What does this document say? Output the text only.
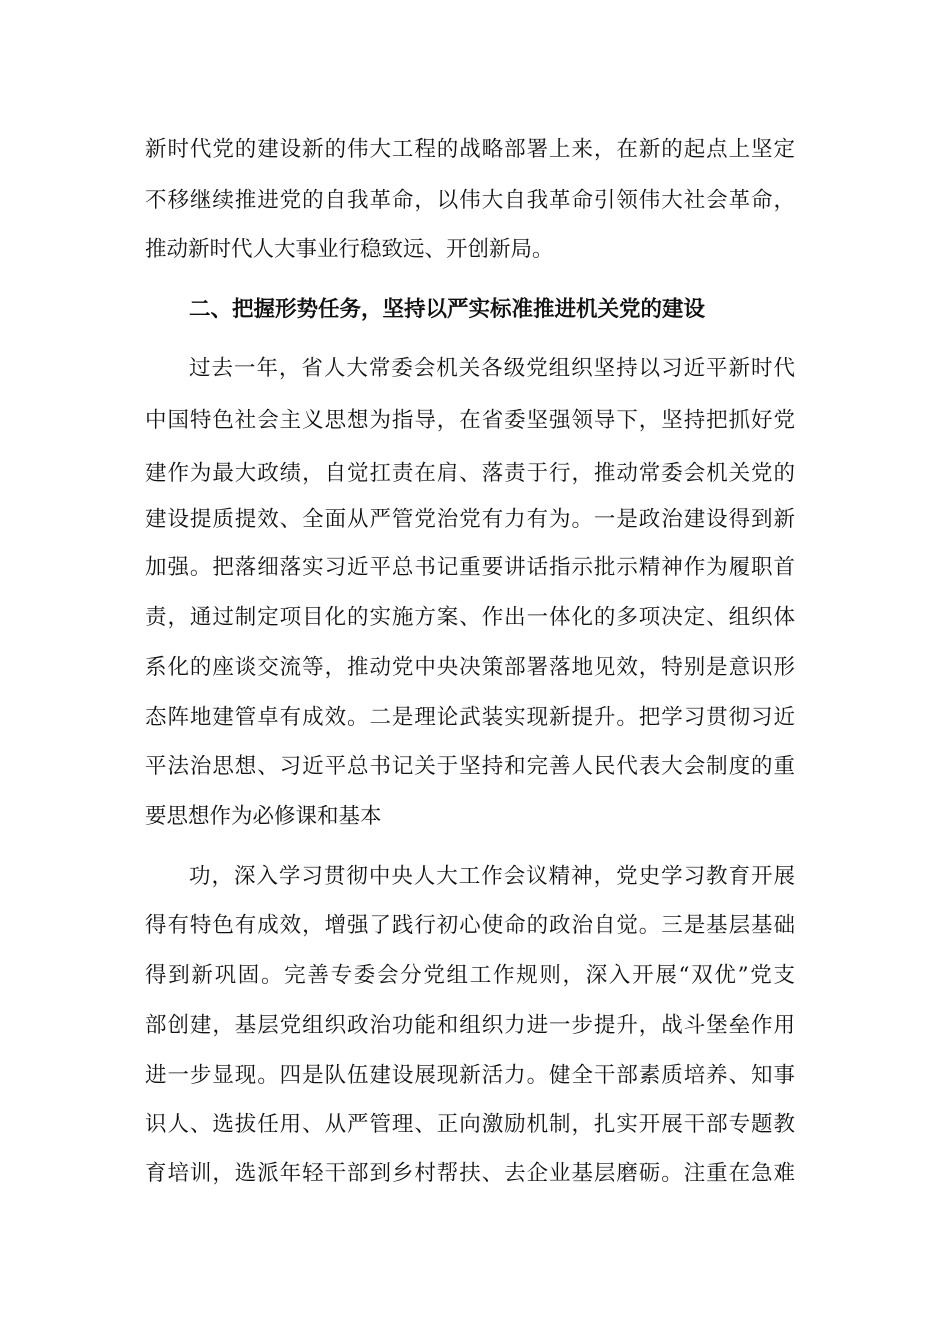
新时代党的建设新的伟大工程的战略部署上来，在新的起点上坚定
不移继续推进党的自我革命，以伟大自我革命引领伟大社会革命，
推动新时代人大事业行稳致远、开创新局。
二、把握形势任务，坚持以严实标准推进机关党的建设
过去一年，省人大常委会机关各级党组织坚持以习近平新时代
中国特色社会主义思想为指导，在省委坚强领导下，坚持把抓好党
建作为最大政绩，自觉扛责在肩、落责于行，推动常委会机关党的
建设提质提效、全面从严管党治党有力有为。一是政治建设得到新
加强。把落细落实习近平总书记重要讲话指示批示精神作为履职首
责，通过制定项目化的实施方案、作出一体化的多项决定、组织体
系化的座谈交流等，推动党中央决策部署落地见效，特别是意识形
态阵地建管卓有成效。二是理论武装实现新提升。把学习贯彻习近
平法治思想、习近平总书记关于坚持和完善人民代表大会制度的重
要思想作为必修课和基本
功，深入学习贯彻中央人大工作会议精神，党史学习教育开展
得有特色有成效，增强了践行初心使命的政治自觉。三是基层基础
得到新巩固。完善专委会分党组工作规则，深入开展“双优”党支
部创建，基层党组织政治功能和组织力进一步提升，战斗堡垒作用
进一步显现。四是队伍建设展现新活力。健全干部素质培养、知事
识人、选拔任用、从严管理、正向激励机制，扎实开展干部专题教
育培训，选派年轻干部到乡村帮扶、去企业基层磨砺。注重在急难
